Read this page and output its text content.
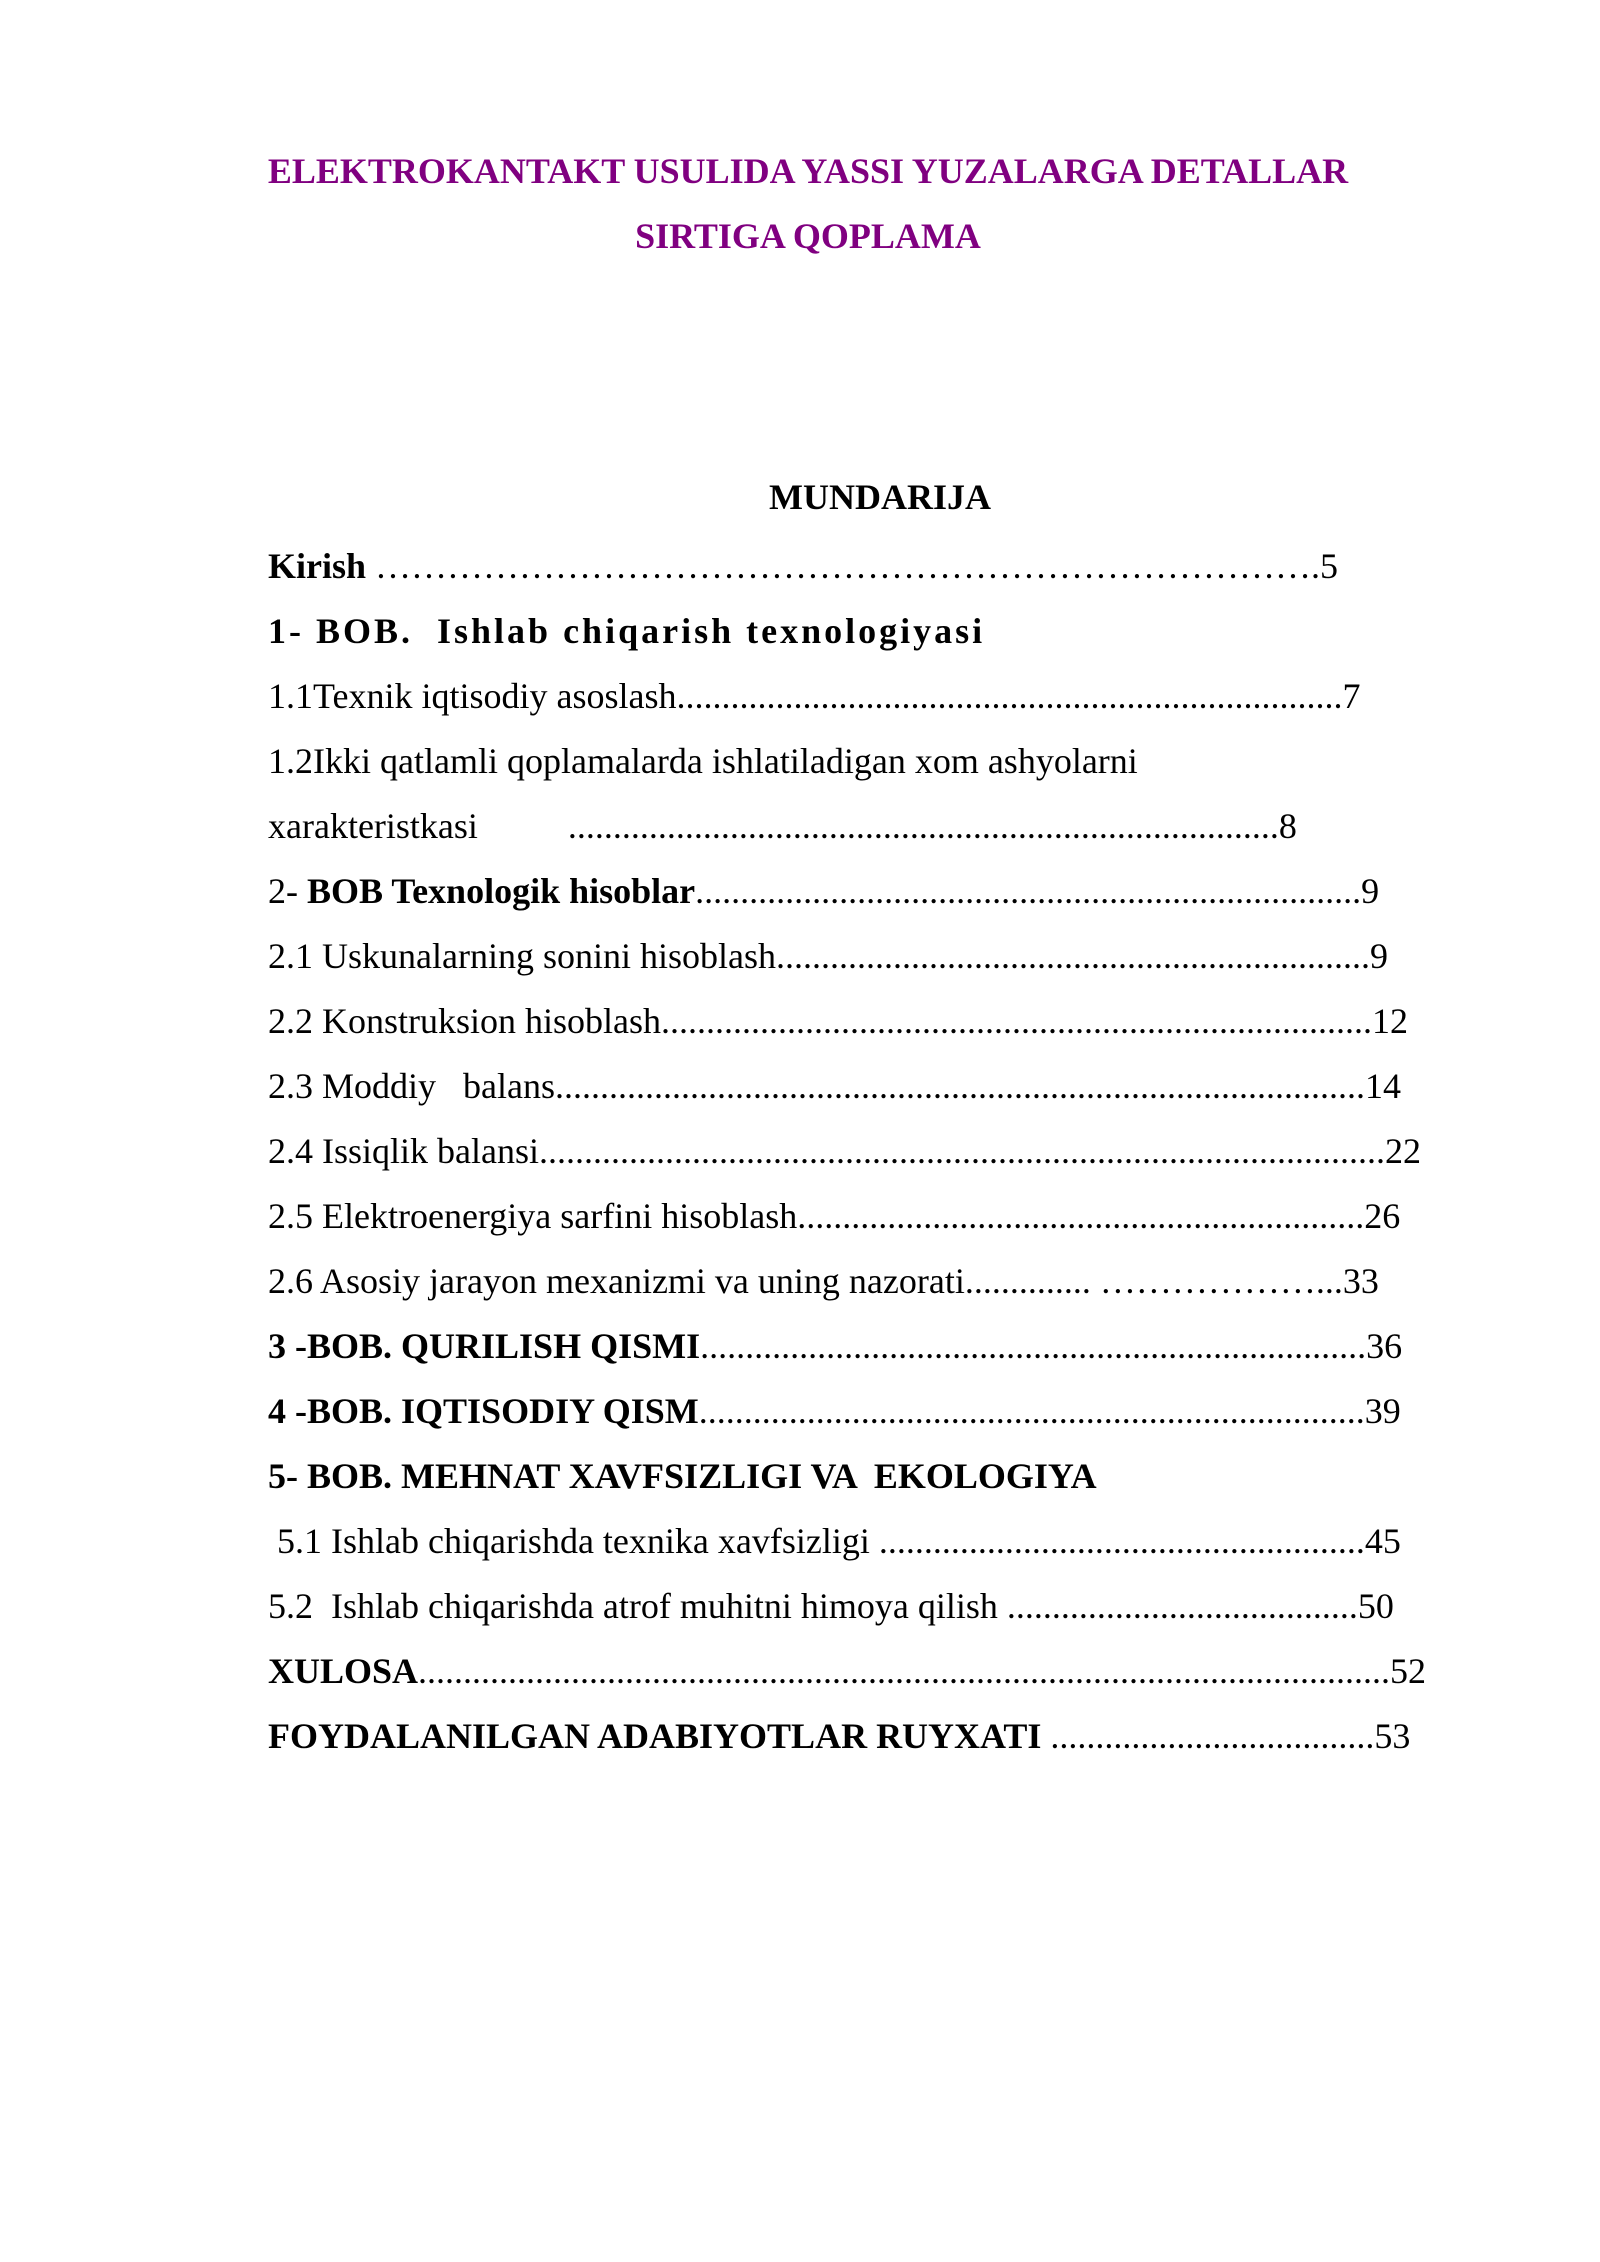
ELEKTROKANTAKT USULIDA YASSI YUZALARGA DETALLAR
SIRTIGA QOPLAMA
MUNDARIJA
Kirish …………………………………………………………………….5
1- BOB.  Ishlab chiqarish texnologiyasi
1.1Texnik iqtisodiy asoslash..........................................................................7
1.2Ikki qatlamli qoplamalarda ishlatiladigan xom ashyolarni
xarakteristkasi          ...............................................................................8
2- BOB Texnologik hisoblar..........................................................................9
2.1 Uskunalarning sonini hisoblash..................................................................9
2.2 Konstruksion hisoblash...............................................................................12
2.3 Moddiy   balans..........................................................................................14
2.4 Issiqlik balansi..............................................................................................22
2.5 Elektroenergiya sarfini hisoblash...............................................................26
2.6 Asosiy jarayon mexanizmi va uning nazorati.............. ………………...33
3 -BOB. QURILISH QISMI..........................................................................36
4 -BOB. IQTISODIY QISM..........................................................................39
5- BOB. MEHNAT XAVFSIZLIGI VA  EKOLOGIYA
5.1 Ishlab chiqarishda texnika xavfsizligi ......................................................45
5.2  Ishlab chiqarishda atrof muhitni himoya qilish .......................................50
XULOSA............................................................................................................52
FOYDALANILGAN ADABIYOTLAR RUYXATI ....................................53
